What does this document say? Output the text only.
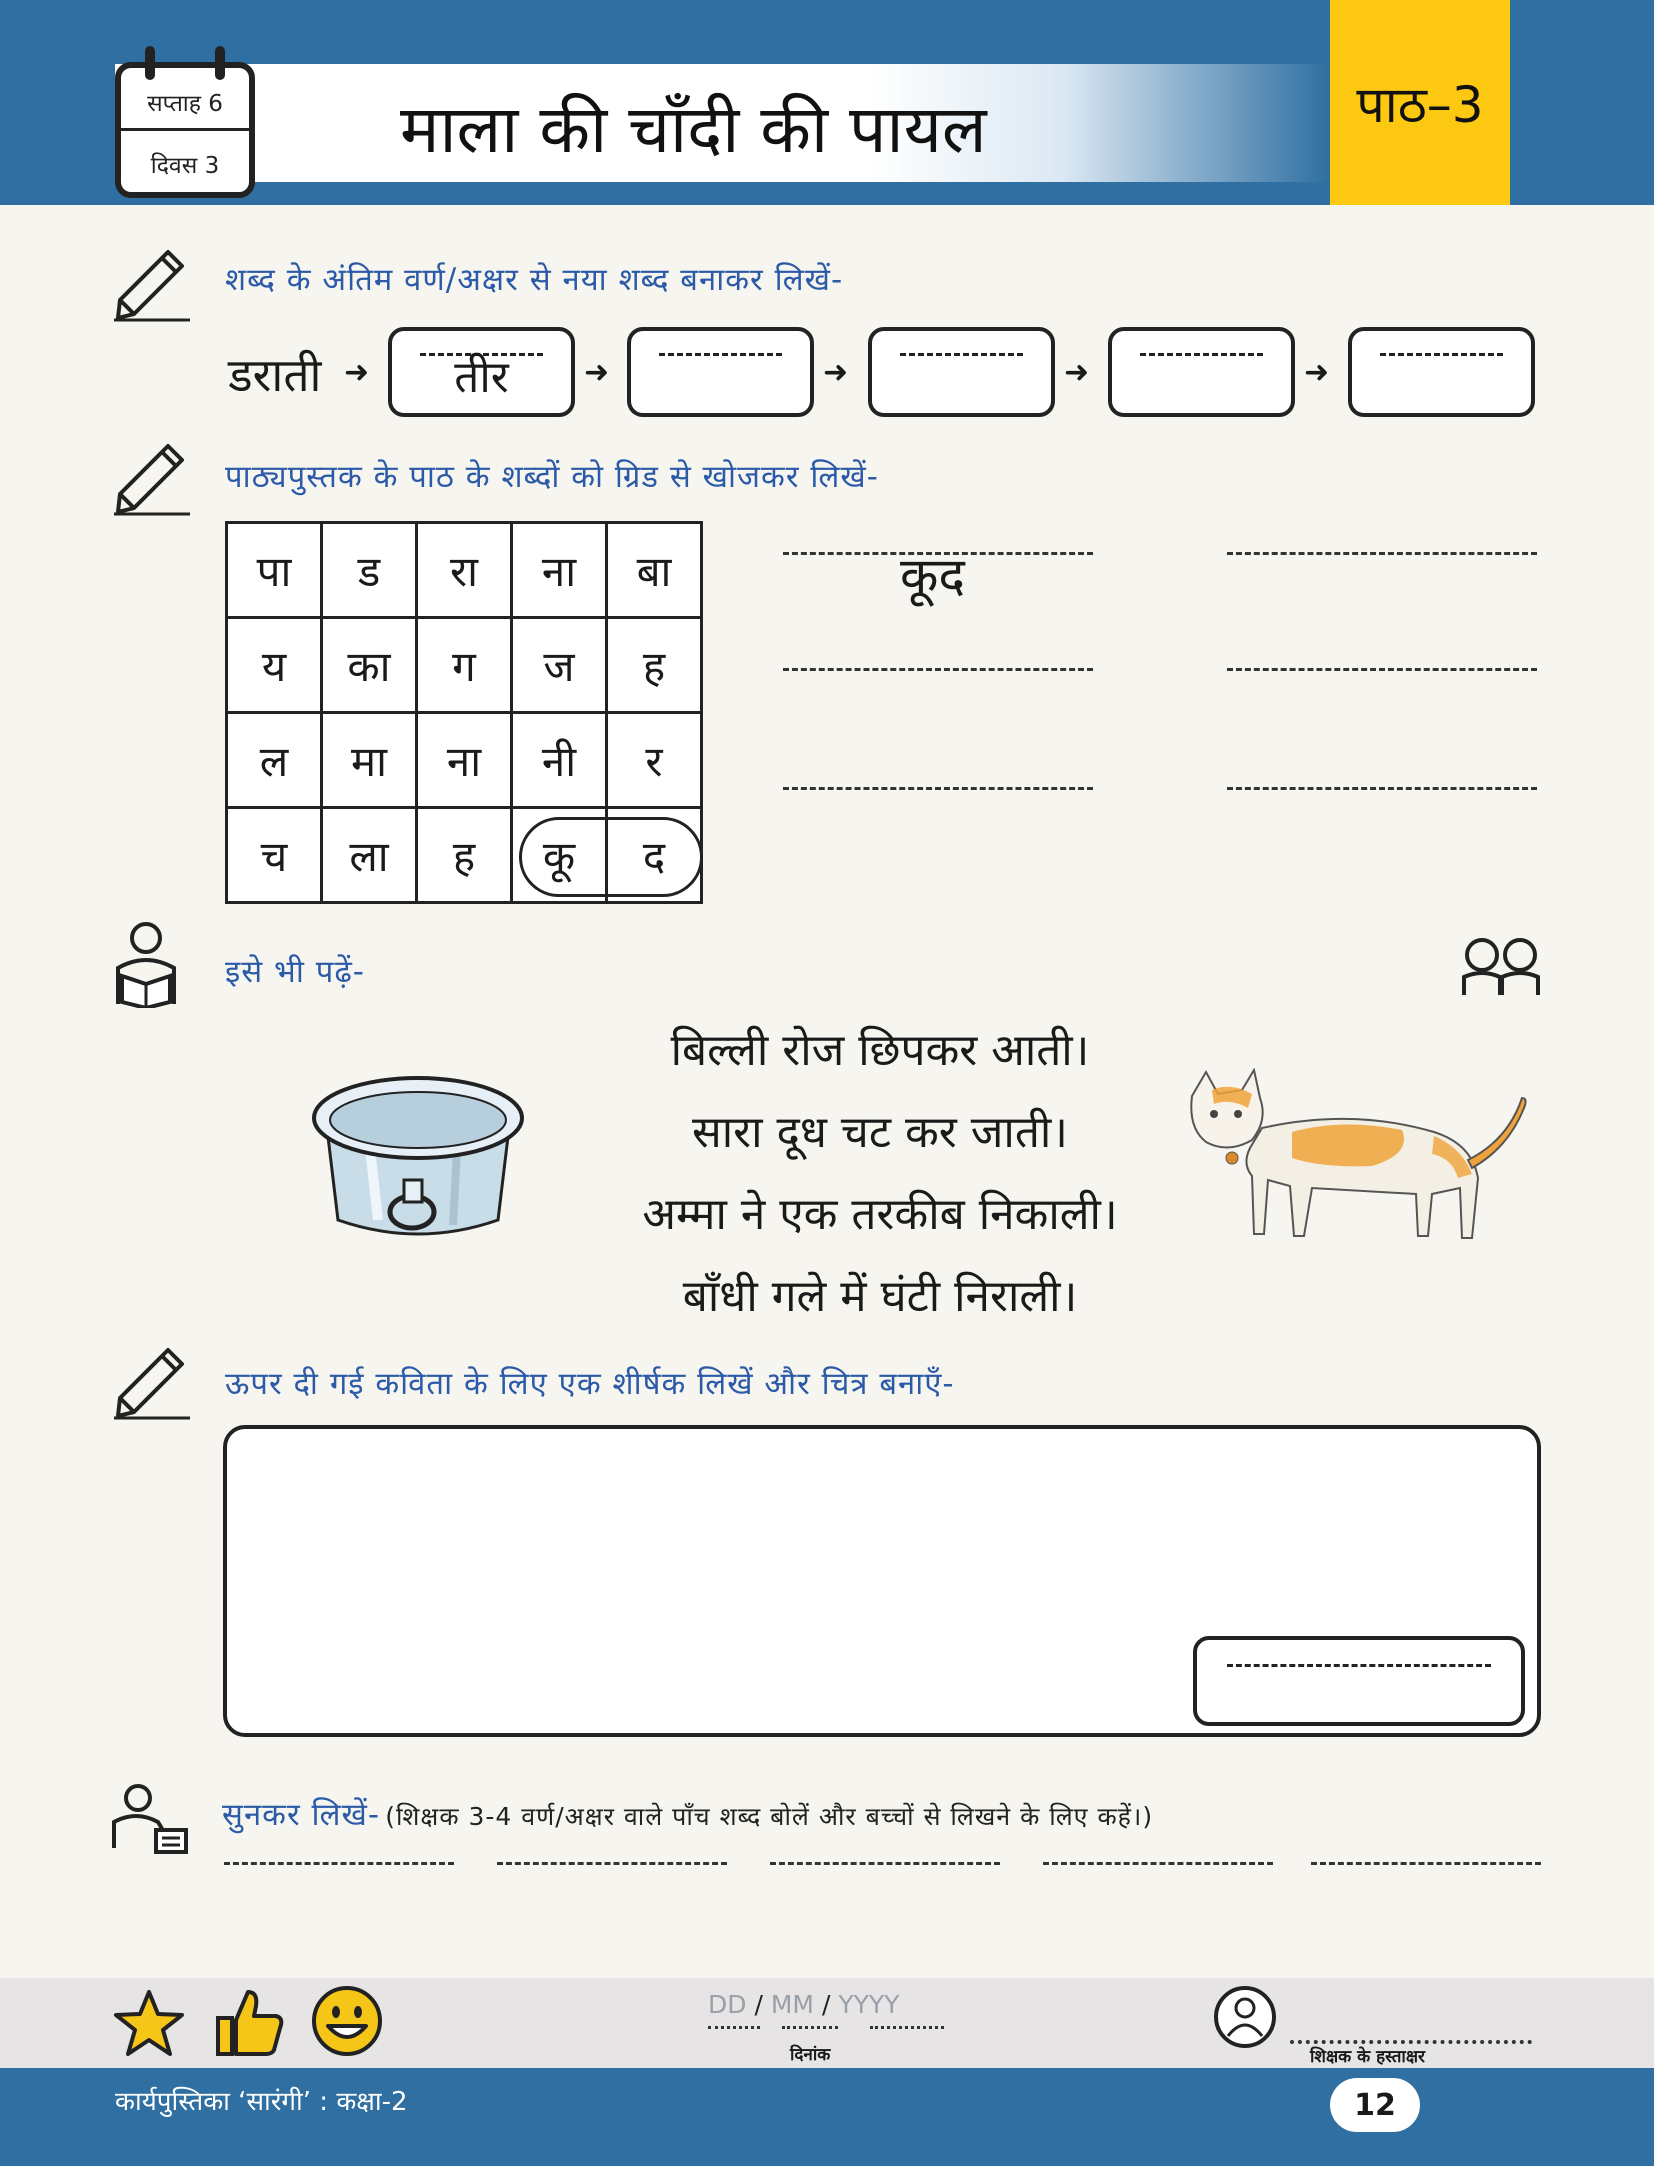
माला की चाँदी की पायल	पाठ–3
सप्ताह 6
दिवस 3
शब्द के अंतिम वर्ण/अक्षर से नया शब्द बनाकर लिखें-
डराती ➜	तीर	➜	➜	➜	➜
पाठ्यपुस्तक के पाठ के शब्दों को ग्रिड से खोजकर लिखें-
पा	ड	रा	ना	बा
य	का	ग	ज	ह
ल	मा	ना	नी	र
च	ला	ह	कू	द
कूद
इसे भी पढ़ें-
बिल्ली रोज छिपकर आती।
सारा दूध चट कर जाती।
अम्मा ने एक तरकीब निकाली।
बाँधी गले में घंटी निराली।
ऊपर दी गई कविता के लिए एक शीर्षक लिखें और चित्र बनाएँ-
सुनकर लिखें- (शिक्षक 3-4 वर्ण/अक्षर वाले पाँच शब्द बोलें और बच्चों से लिखने के लिए कहें।)
DD / MM / YYYY
दिनांक	शिक्षक के हस्ताक्षर
कार्यपुस्तिका ‘सारंगी’ : कक्षा-2	12
